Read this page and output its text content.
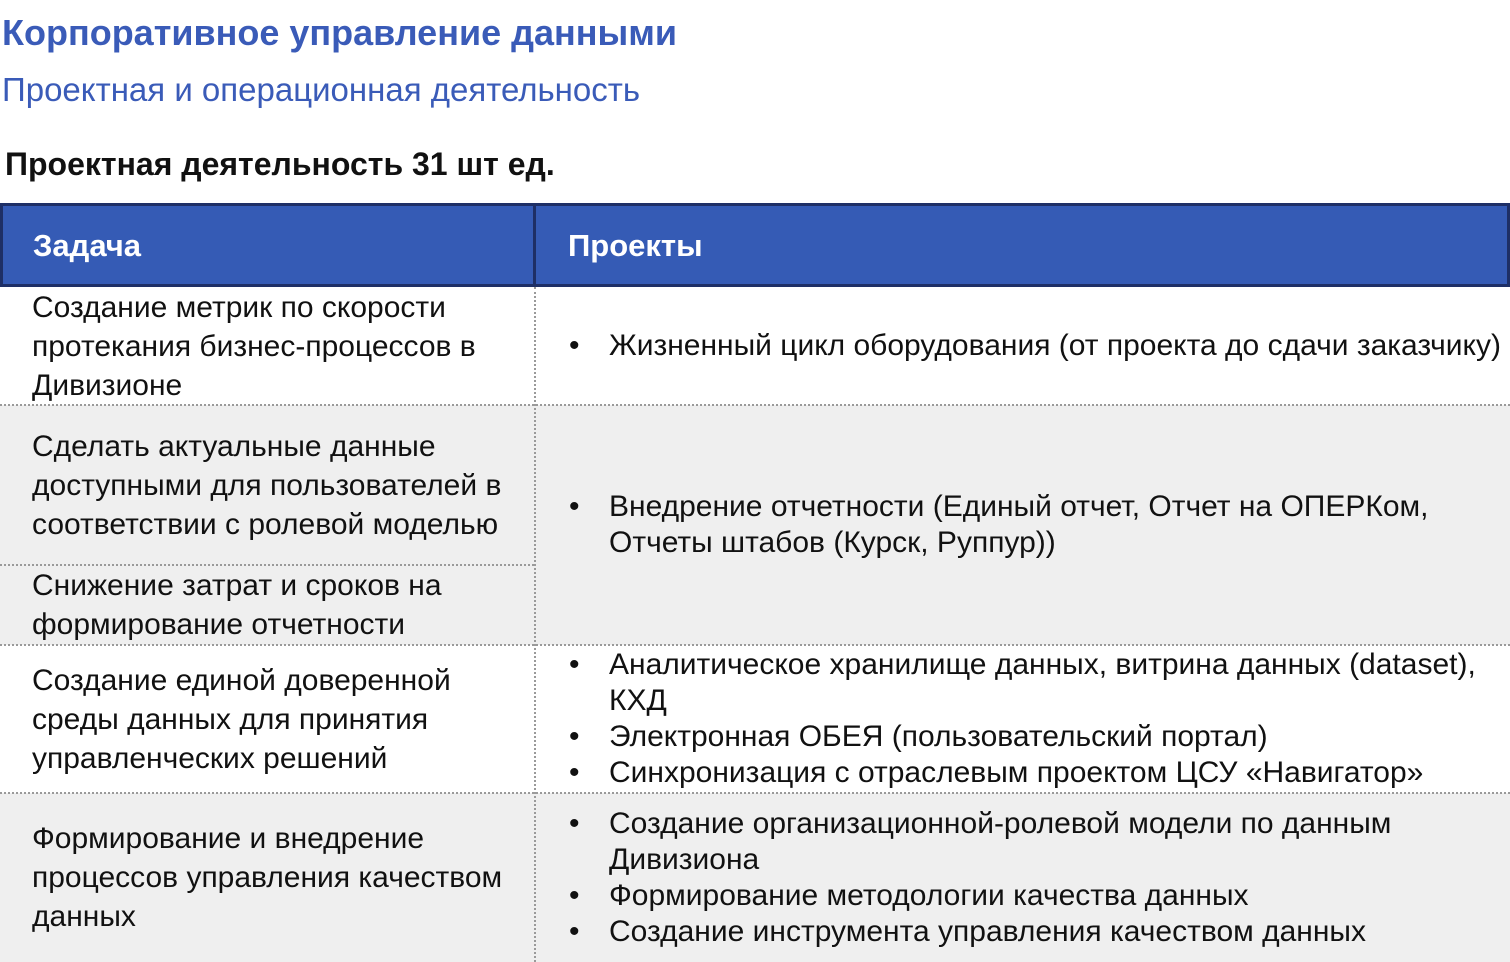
Корпоративное управление данными
Проектная и операционная деятельность
Проектная деятельность 31 шт ед.
Задача	Проекты
Создание метрик по скорости протекания бизнес-процессов в Дивизионе
Сделать актуальные данные доступными для пользователей в соответствии с ролевой моделью
Снижение затрат и сроков на формирование отчетности
Создание единой доверенной среды данных для принятия управленческих решений
Формирование и внедрение процессов управления качеством данных
• Жизненный цикл оборудования (от проекта до сдачи заказчику)
• Внедрение отчетности (Единый отчет, Отчет на ОПЕРКом, Отчеты штабов (Курск, Руппур))
• Аналитическое хранилище данных, витрина данных (dataset), КХД
• Электронная ОБЕЯ (пользовательский портал)
• Синхронизация с отраслевым проектом ЦСУ «Навигатор»
• Создание организационной-ролевой модели по данным Дивизиона
• Формирование методологии качества данных
• Создание инструмента управления качеством данных
